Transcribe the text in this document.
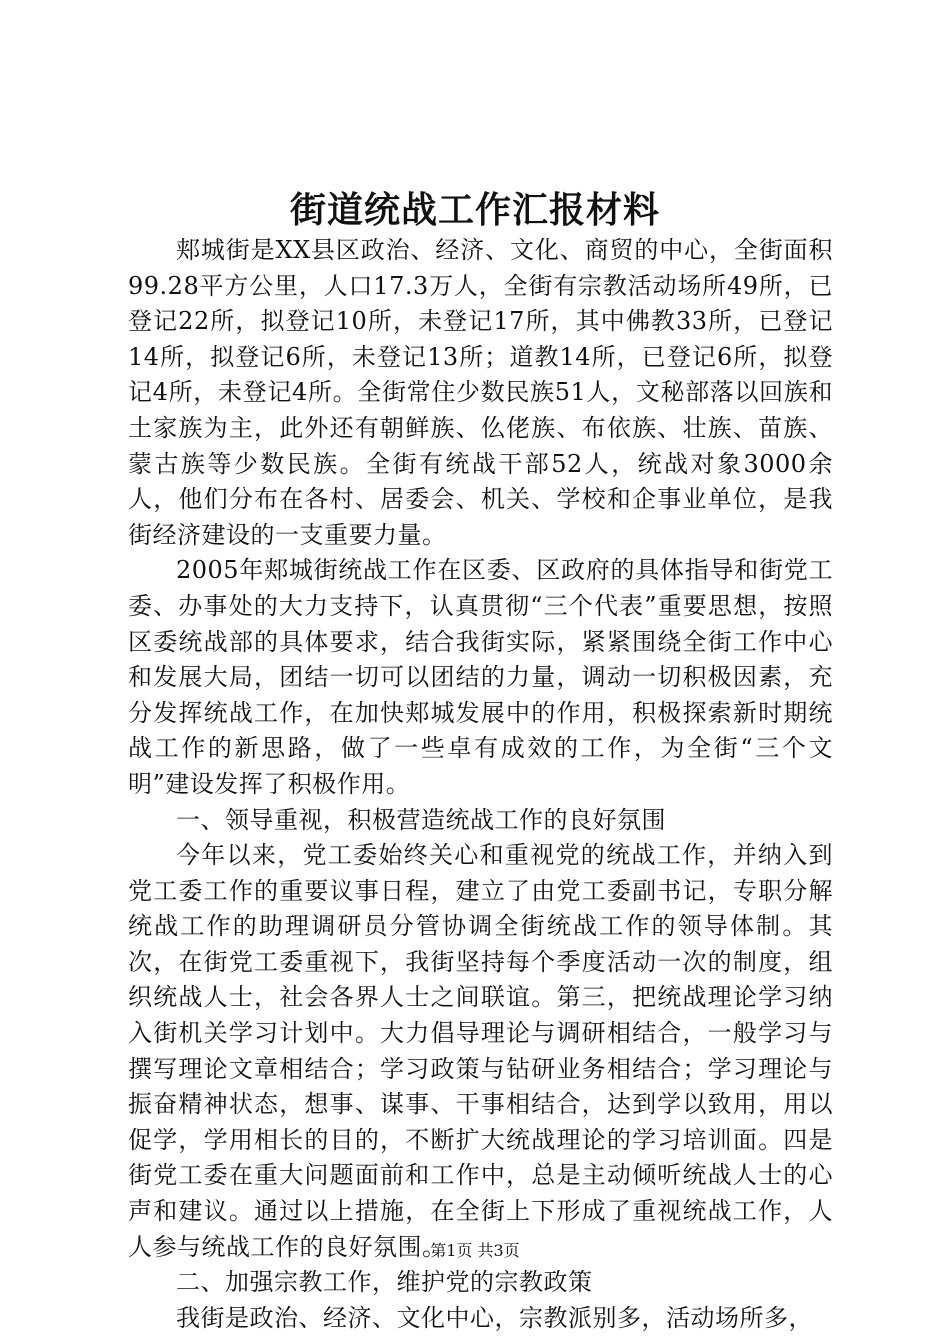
街道统战工作汇报材料

郏城街是XX县区政治、经济、文化、商贸的中心，全街面积99.28平方公里，人口17.3万人，全街有宗教活动场所49所，已登记22所，拟登记10所，未登记17所，其中佛教33所，已登记14所，拟登记6所，未登记13所；道教14所，已登记6所，拟登记4所，未登记4所。全街常住少数民族51人，文秘部落以回族和土家族为主，此外还有朝鲜族、仫佬族、布依族、壮族、苗族、蒙古族等少数民族。全街有统战干部52人，统战对象3000余人，他们分布在各村、居委会、机关、学校和企事业单位，是我街经济建设的一支重要力量。

2005年郏城街统战工作在区委、区政府的具体指导和街党工委、办事处的大力支持下，认真贯彻“三个代表”重要思想，按照区委统战部的具体要求，结合我街实际，紧紧围绕全街工作中心和发展大局，团结一切可以团结的力量，调动一切积极因素，充分发挥统战工作，在加快郏城发展中的作用，积极探索新时期统战工作的新思路，做了一些卓有成效的工作，为全街“三个文明”建设发挥了积极作用。

一、领导重视，积极营造统战工作的良好氛围

今年以来，党工委始终关心和重视党的统战工作，并纳入到党工委工作的重要议事日程，建立了由党工委副书记，专职分解统战工作的助理调研员分管协调全街统战工作的领导体制。其次，在街党工委重视下，我街坚持每个季度活动一次的制度，组织统战人士，社会各界人士之间联谊。第三，把统战理论学习纳入街机关学习计划中。大力倡导理论与调研相结合，一般学习与撰写理论文章相结合；学习政策与钻研业务相结合；学习理论与振奋精神状态，想事、谋事、干事相结合，达到学以致用，用以促学，学用相长的目的，不断扩大统战理论的学习培训面。四是街党工委在重大问题面前和工作中，总是主动倾听统战人士的心声和建议。通过以上措施，在全街上下形成了重视统战工作，人人参与统战工作的良好氛围。

二、加强宗教工作，维护党的宗教政策

我街是政治、经济、文化中心，宗教派别多，活动场所多，

第1页 共3页
